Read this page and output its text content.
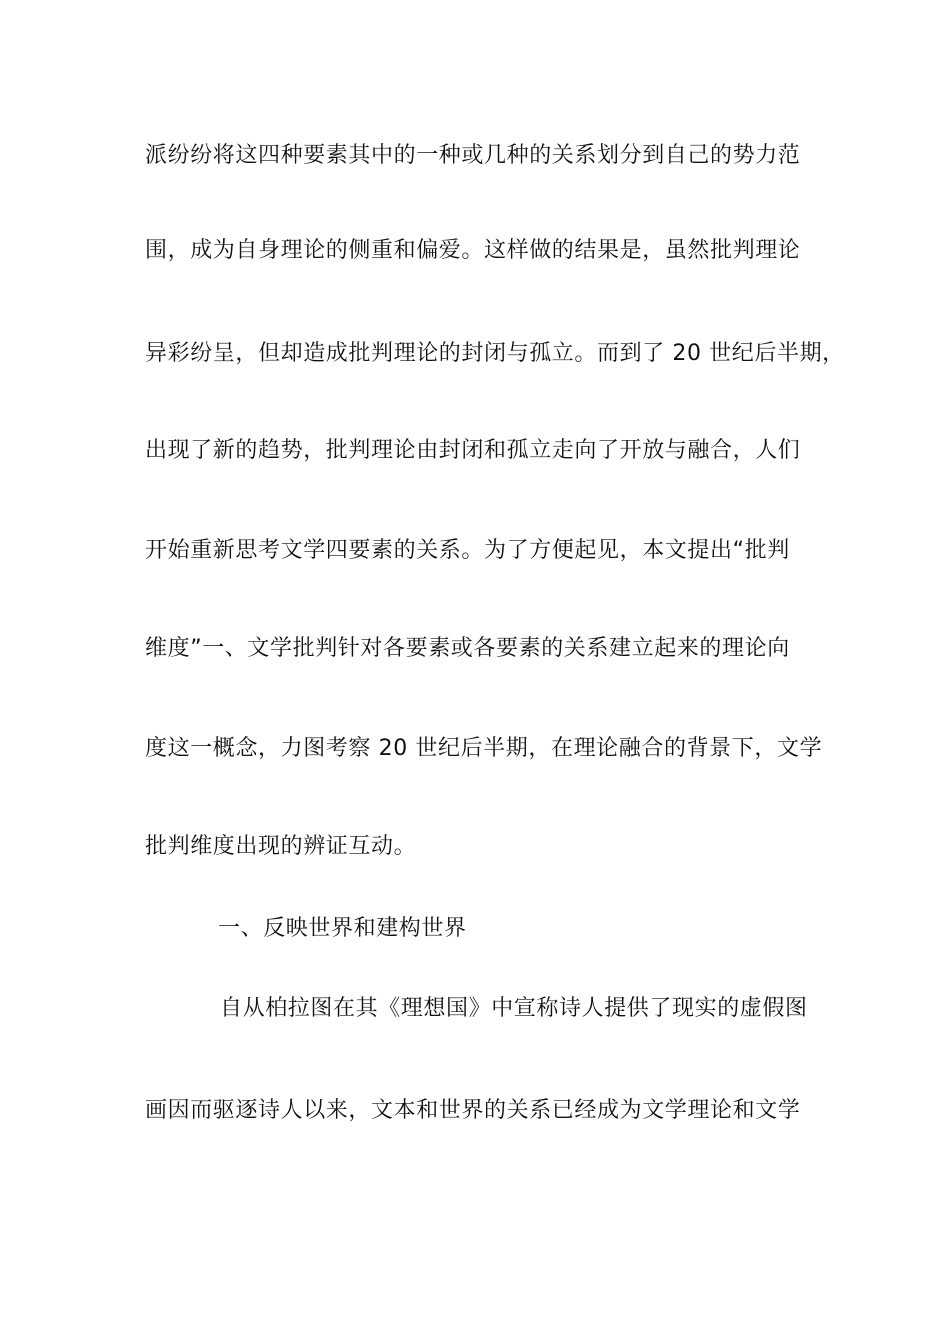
派纷纷将这四种要素其中的一种或几种的关系划分到自己的势力范
围，成为自身理论的侧重和偏爱。这样做的结果是，虽然批判理论
异彩纷呈，但却造成批判理论的封闭与孤立。而到了 20 世纪后半期，
出现了新的趋势，批判理论由封闭和孤立走向了开放与融合，人们
开始重新思考文学四要素的关系。为了方便起见，本文提出“批判
维度”一、文学批判针对各要素或各要素的关系建立起来的理论向
度这一概念，力图考察 20 世纪后半期，在理论融合的背景下，文学
批判维度出现的辨证互动。
一、反映世界和建构世界
自从柏拉图在其《理想国》中宣称诗人提供了现实的虚假图
画因而驱逐诗人以来，文本和世界的关系已经成为文学理论和文学
